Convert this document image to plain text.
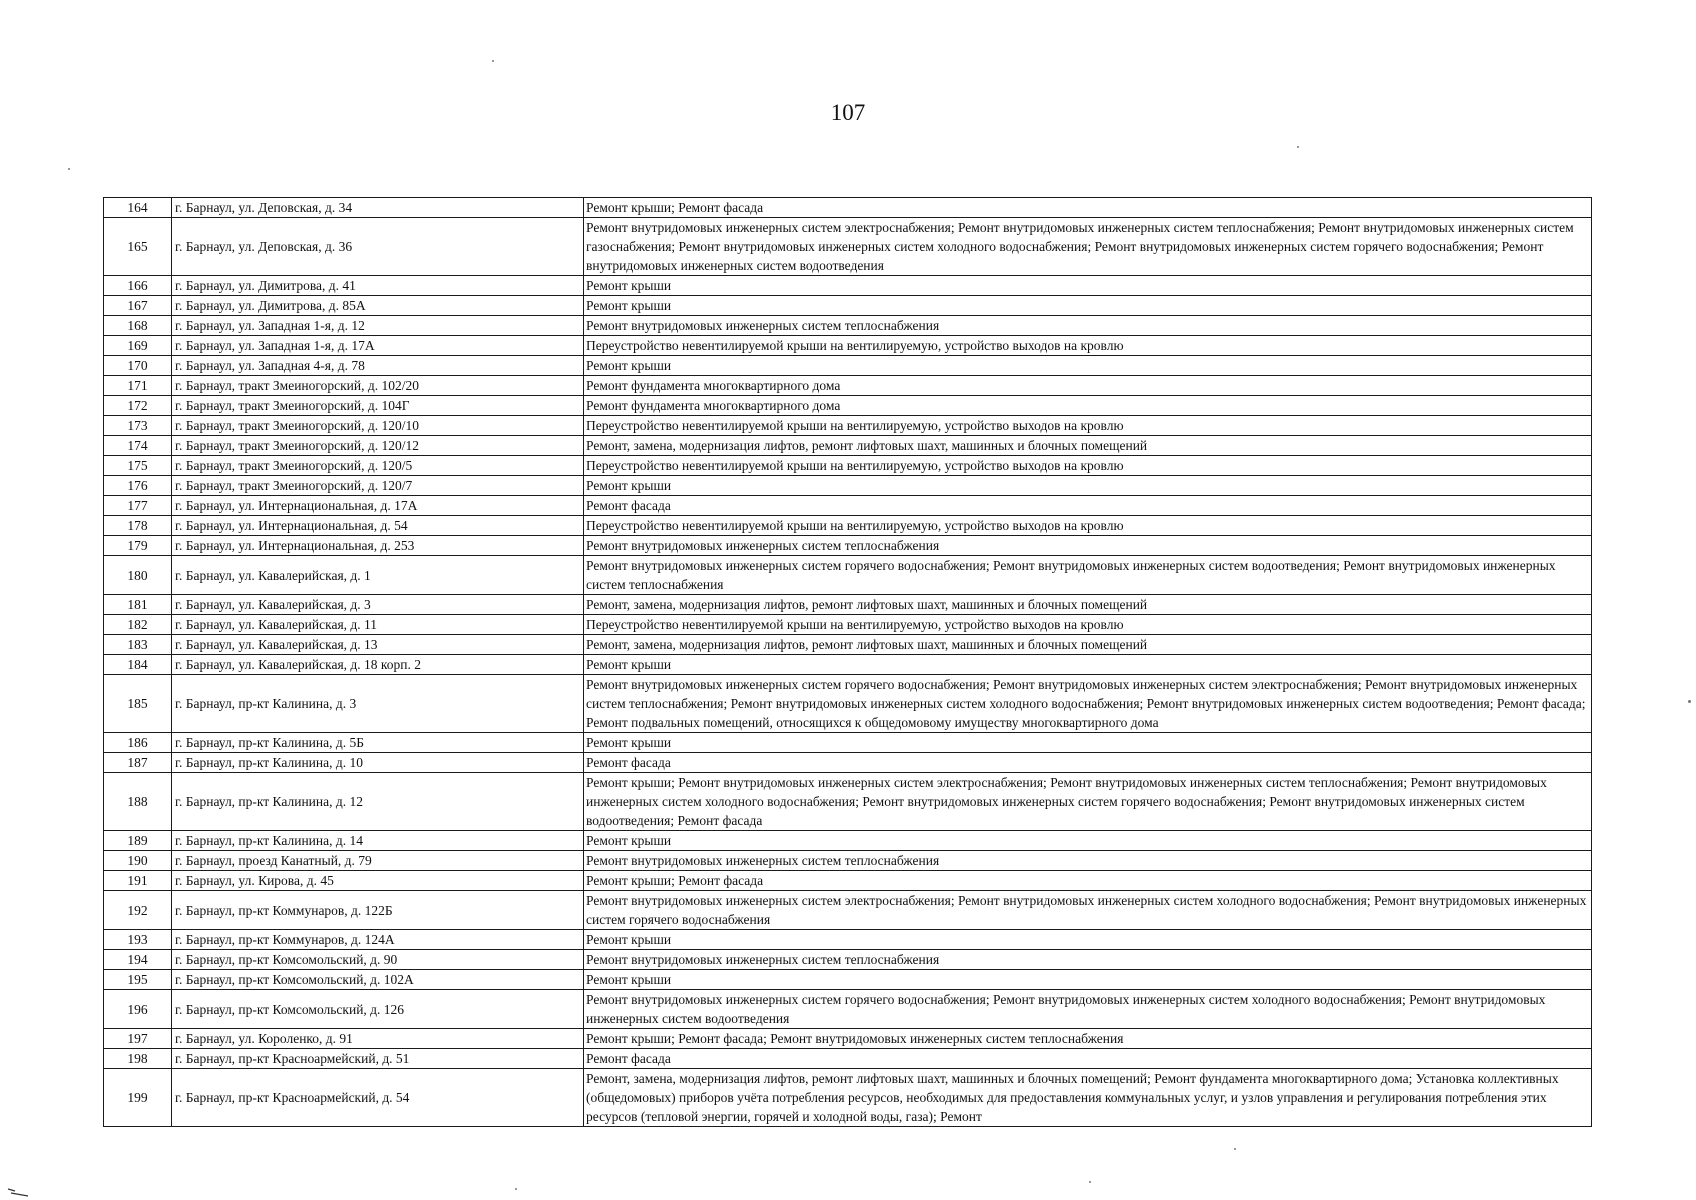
107
164	г. Барнаул, ул. Деповская, д. 34	Ремонт крыши; Ремонт фасада
165	г. Барнаул, ул. Деповская, д. 36	Ремонт внутридомовых инженерных систем электроснабжения; Ремонт внутридомовых инженерных систем теплоснабжения; Ремонт внутридомовых инженерных систем газоснабжения; Ремонт внутридомовых инженерных систем холодного водоснабжения; Ремонт внутридомовых инженерных систем горячего водоснабжения; Ремонт внутридомовых инженерных систем водоотведения
166	г. Барнаул, ул. Димитрова, д. 41	Ремонт крыши
167	г. Барнаул, ул. Димитрова, д. 85А	Ремонт крыши
168	г. Барнаул, ул. Западная 1-я, д. 12	Ремонт внутридомовых инженерных систем теплоснабжения
169	г. Барнаул, ул. Западная 1-я, д. 17А	Переустройство невентилируемой крыши на вентилируемую, устройство выходов на кровлю
170	г. Барнаул, ул. Западная 4-я, д. 78	Ремонт крыши
171	г. Барнаул, тракт Змеиногорский, д. 102/20	Ремонт фундамента многоквартирного дома
172	г. Барнаул, тракт Змеиногорский, д. 104Г	Ремонт фундамента многоквартирного дома
173	г. Барнаул, тракт Змеиногорский, д. 120/10	Переустройство невентилируемой крыши на вентилируемую, устройство выходов на кровлю
174	г. Барнаул, тракт Змеиногорский, д. 120/12	Ремонт, замена, модернизация лифтов, ремонт лифтовых шахт, машинных и блочных помещений
175	г. Барнаул, тракт Змеиногорский, д. 120/5	Переустройство невентилируемой крыши на вентилируемую, устройство выходов на кровлю
176	г. Барнаул, тракт Змеиногорский, д. 120/7	Ремонт крыши
177	г. Барнаул, ул. Интернациональная, д. 17А	Ремонт фасада
178	г. Барнаул, ул. Интернациональная, д. 54	Переустройство невентилируемой крыши на вентилируемую, устройство выходов на кровлю
179	г. Барнаул, ул. Интернациональная, д. 253	Ремонт внутридомовых инженерных систем теплоснабжения
180	г. Барнаул, ул. Кавалерийская, д. 1	Ремонт внутридомовых инженерных систем горячего водоснабжения; Ремонт внутридомовых инженерных систем водоотведения; Ремонт внутридомовых инженерных систем теплоснабжения
181	г. Барнаул, ул. Кавалерийская, д. 3	Ремонт, замена, модернизация лифтов, ремонт лифтовых шахт, машинных и блочных помещений
182	г. Барнаул, ул. Кавалерийская, д. 11	Переустройство невентилируемой крыши на вентилируемую, устройство выходов на кровлю
183	г. Барнаул, ул. Кавалерийская, д. 13	Ремонт, замена, модернизация лифтов, ремонт лифтовых шахт, машинных и блочных помещений
184	г. Барнаул, ул. Кавалерийская, д. 18 корп. 2	Ремонт крыши
185	г. Барнаул, пр-кт Калинина, д. 3	Ремонт внутридомовых инженерных систем горячего водоснабжения; Ремонт внутридомовых инженерных систем электроснабжения; Ремонт внутридомовых инженерных систем теплоснабжения; Ремонт внутридомовых инженерных систем холодного водоснабжения; Ремонт внутридомовых инженерных систем водоотведения; Ремонт фасада; Ремонт подвальных помещений, относящихся к общедомовому имуществу многоквартирного дома
186	г. Барнаул, пр-кт Калинина, д. 5Б	Ремонт крыши
187	г. Барнаул, пр-кт Калинина, д. 10	Ремонт фасада
188	г. Барнаул, пр-кт Калинина, д. 12	Ремонт крыши; Ремонт внутридомовых инженерных систем электроснабжения; Ремонт внутридомовых инженерных систем теплоснабжения; Ремонт внутридомовых инженерных систем холодного водоснабжения; Ремонт внутридомовых инженерных систем горячего водоснабжения; Ремонт внутридомовых инженерных систем водоотведения; Ремонт фасада
189	г. Барнаул, пр-кт Калинина, д. 14	Ремонт крыши
190	г. Барнаул, проезд Канатный, д. 79	Ремонт внутридомовых инженерных систем теплоснабжения
191	г. Барнаул, ул. Кирова, д. 45	Ремонт крыши; Ремонт фасада
192	г. Барнаул, пр-кт Коммунаров, д. 122Б	Ремонт внутридомовых инженерных систем электроснабжения; Ремонт внутридомовых инженерных систем холодного водоснабжения; Ремонт внутридомовых инженерных систем горячего водоснабжения
193	г. Барнаул, пр-кт Коммунаров, д. 124А	Ремонт крыши
194	г. Барнаул, пр-кт Комсомольский, д. 90	Ремонт внутридомовых инженерных систем теплоснабжения
195	г. Барнаул, пр-кт Комсомольский, д. 102А	Ремонт крыши
196	г. Барнаул, пр-кт Комсомольский, д. 126	Ремонт внутридомовых инженерных систем горячего водоснабжения; Ремонт внутридомовых инженерных систем холодного водоснабжения; Ремонт внутридомовых инженерных систем водоотведения
197	г. Барнаул, ул. Короленко, д. 91	Ремонт крыши; Ремонт фасада; Ремонт внутридомовых инженерных систем теплоснабжения
198	г. Барнаул, пр-кт Красноармейский, д. 51	Ремонт фасада
199	г. Барнаул, пр-кт Красноармейский, д. 54	Ремонт, замена, модернизация лифтов, ремонт лифтовых шахт, машинных и блочных помещений; Ремонт фундамента многоквартирного дома; Установка коллективных (общедомовых) приборов учёта потребления ресурсов, необходимых для предоставления коммунальных услуг, и узлов управления и регулирования потребления этих ресурсов (тепловой энергии, горячей и холодной воды, газа); Ремонт
